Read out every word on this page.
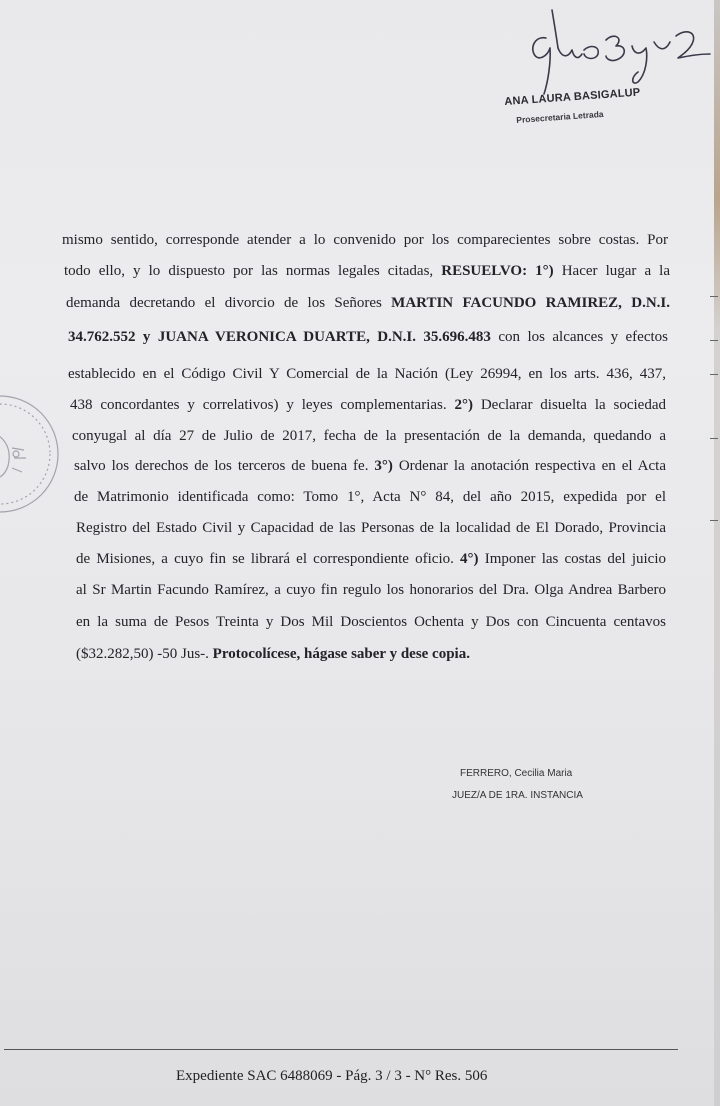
ANA LAURA BASIGALUP
Prosecretaria Letrada
mismo sentido, corresponde atender a lo convenido por los comparecientes sobre costas. Por
todo ello, y lo dispuesto por las normas legales citadas, RESUELVO: 1°) Hacer lugar a la
demanda decretando el divorcio de los Señores MARTIN FACUNDO RAMIREZ, D.N.I.
34.762.552 y JUANA VERONICA DUARTE, D.N.I. 35.696.483 con los alcances y efectos
establecido en el Código Civil Y Comercial de la Nación (Ley 26994, en los arts. 436, 437,
438 concordantes y correlativos) y leyes complementarias. 2°) Declarar disuelta la sociedad
conyugal al día 27 de Julio de 2017, fecha de la presentación de la demanda, quedando a
salvo los derechos de los terceros de buena fe. 3°) Ordenar la anotación respectiva en el Acta
de Matrimonio identificada como: Tomo 1°, Acta N° 84, del año 2015, expedida por el
Registro del Estado Civil y Capacidad de las Personas de la localidad de El Dorado, Provincia
de Misiones, a cuyo fin se librará el correspondiente oficio. 4°) Imponer las costas del juicio
al Sr Martin Facundo Ramírez, a cuyo fin regulo los honorarios del Dra. Olga Andrea Barbero
en la suma de Pesos Treinta y Dos Mil Doscientos Ochenta y Dos con Cincuenta centavos
($32.282,50) -50 Jus-. Protocolícese, hágase saber y dese copia.
FERRERO, Cecilia Maria
JUEZ/A DE 1RA. INSTANCIA
Expediente SAC 6488069 - Pág. 3 / 3 - N° Res. 506
